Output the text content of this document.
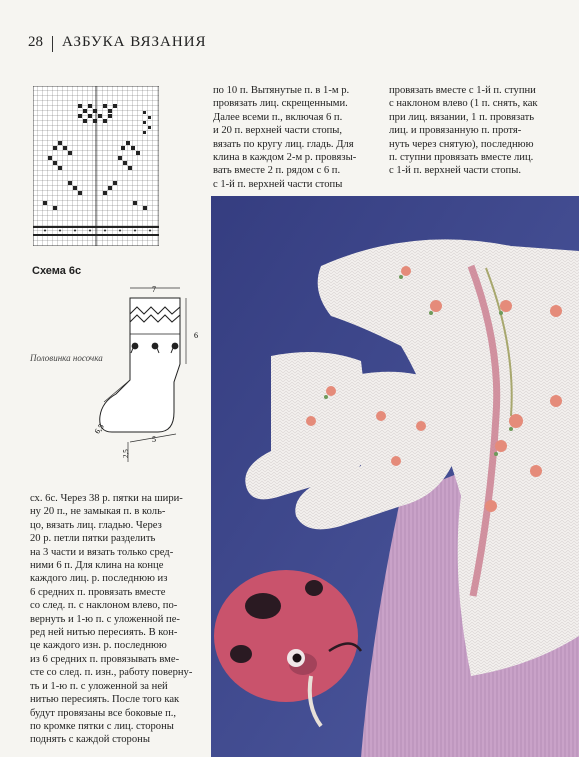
28 АЗБУКА ВЯЗАНИЯ
Схема 6с
7
6
6,5
5
2,5
Половинка носочка
по 10 п. Вытянутые п. в 1-м р.
провязать лиц. скрещенными.
Далее всеми п., включая 6 п.
и 20 п. верхней части стопы,
вязать по кругу лиц. гладь. Для
клина в каждом 2-м р. провязы-
вать вместе 2 п. рядом с 6 п.
с 1-й п. верхней части стопы
провязать вместе с 1-й п. ступни
с наклоном влево (1 п. снять, как
при лиц. вязании, 1 п. провязать
лиц. и провязанную п. протя-
нуть через снятую), последнюю
п. ступни провязать вместе лиц.
с 1-й п. верхней части стопы.
сх. 6с. Через 38 р. пятки на шири-
ну 20 п., не замыкая п. в коль-
цо, вязать лиц. гладью. Через
20 р. петли пятки разделить
на 3 части и вязать только сред-
ними 6 п. Для клина на конце
каждого лиц. р. последнюю из
6 средних п. провязать вместе
со след. п. с наклоном влево, по-
вернуть и 1-ю п. с уложенной пе-
ред ней нитью пересиять. В кон-
це каждого изн. р. последнюю
из 6 средних п. провязывать вме-
сте со след. п. изн., работу поверну-
ть и 1-ю п. с уложенной за ней
нитью пересиять. После того как
будут провязаны все боковые п.,
по кромке пятки с лиц. стороны
поднять с каждой стороны
